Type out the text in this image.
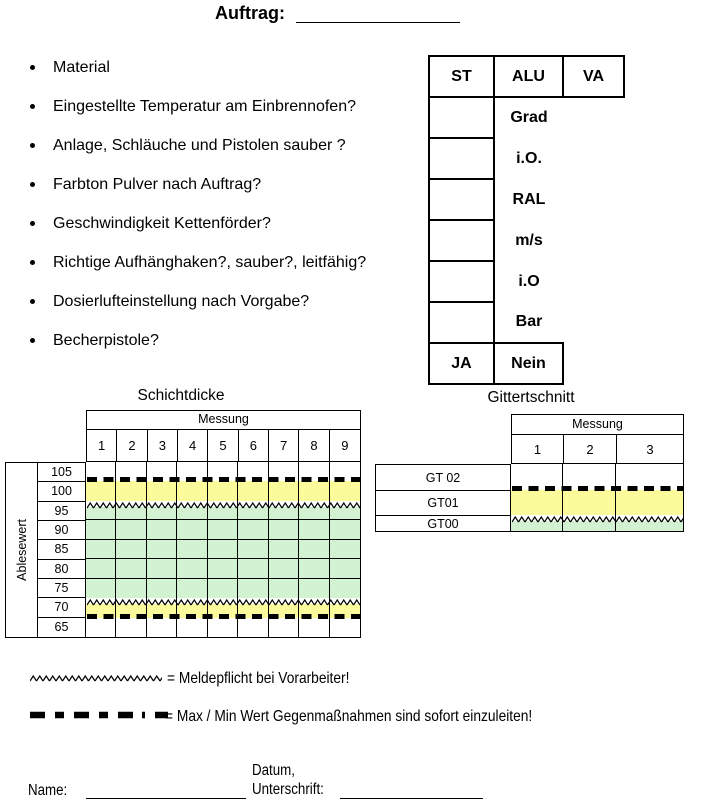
Auftrag:
Material
Eingestellte Temperatur am Einbrennofen?
Anlage, Schläuche und Pistolen sauber ?
Farbton Pulver nach Auftrag?
Geschwindigkeit Kettenförder?
Richtige Aufhänghaken?, sauber?, leitfähig?
Dosierlufteinstellung nach Vorgabe?
Becherpistole?
ST	ALU	VA
	Grad	
	i.O.	
	RAL	
	m/s	
	i.O	
	Bar	
JA	Nein	
Schichtdicke
Messung
1	2	3	4	5	6	7	8	9
Ablesewert
105
100
95
90
85
80
75
70
65
Gittertschnitt
Messung
1	2	3
GT 02
GT01
GT00
= Meldepflicht bei Vorarbeiter!
= Max / Min Wert Gegenmaßnahmen sind sofort einzuleiten!
Name:
Datum,
Unterschrift:
